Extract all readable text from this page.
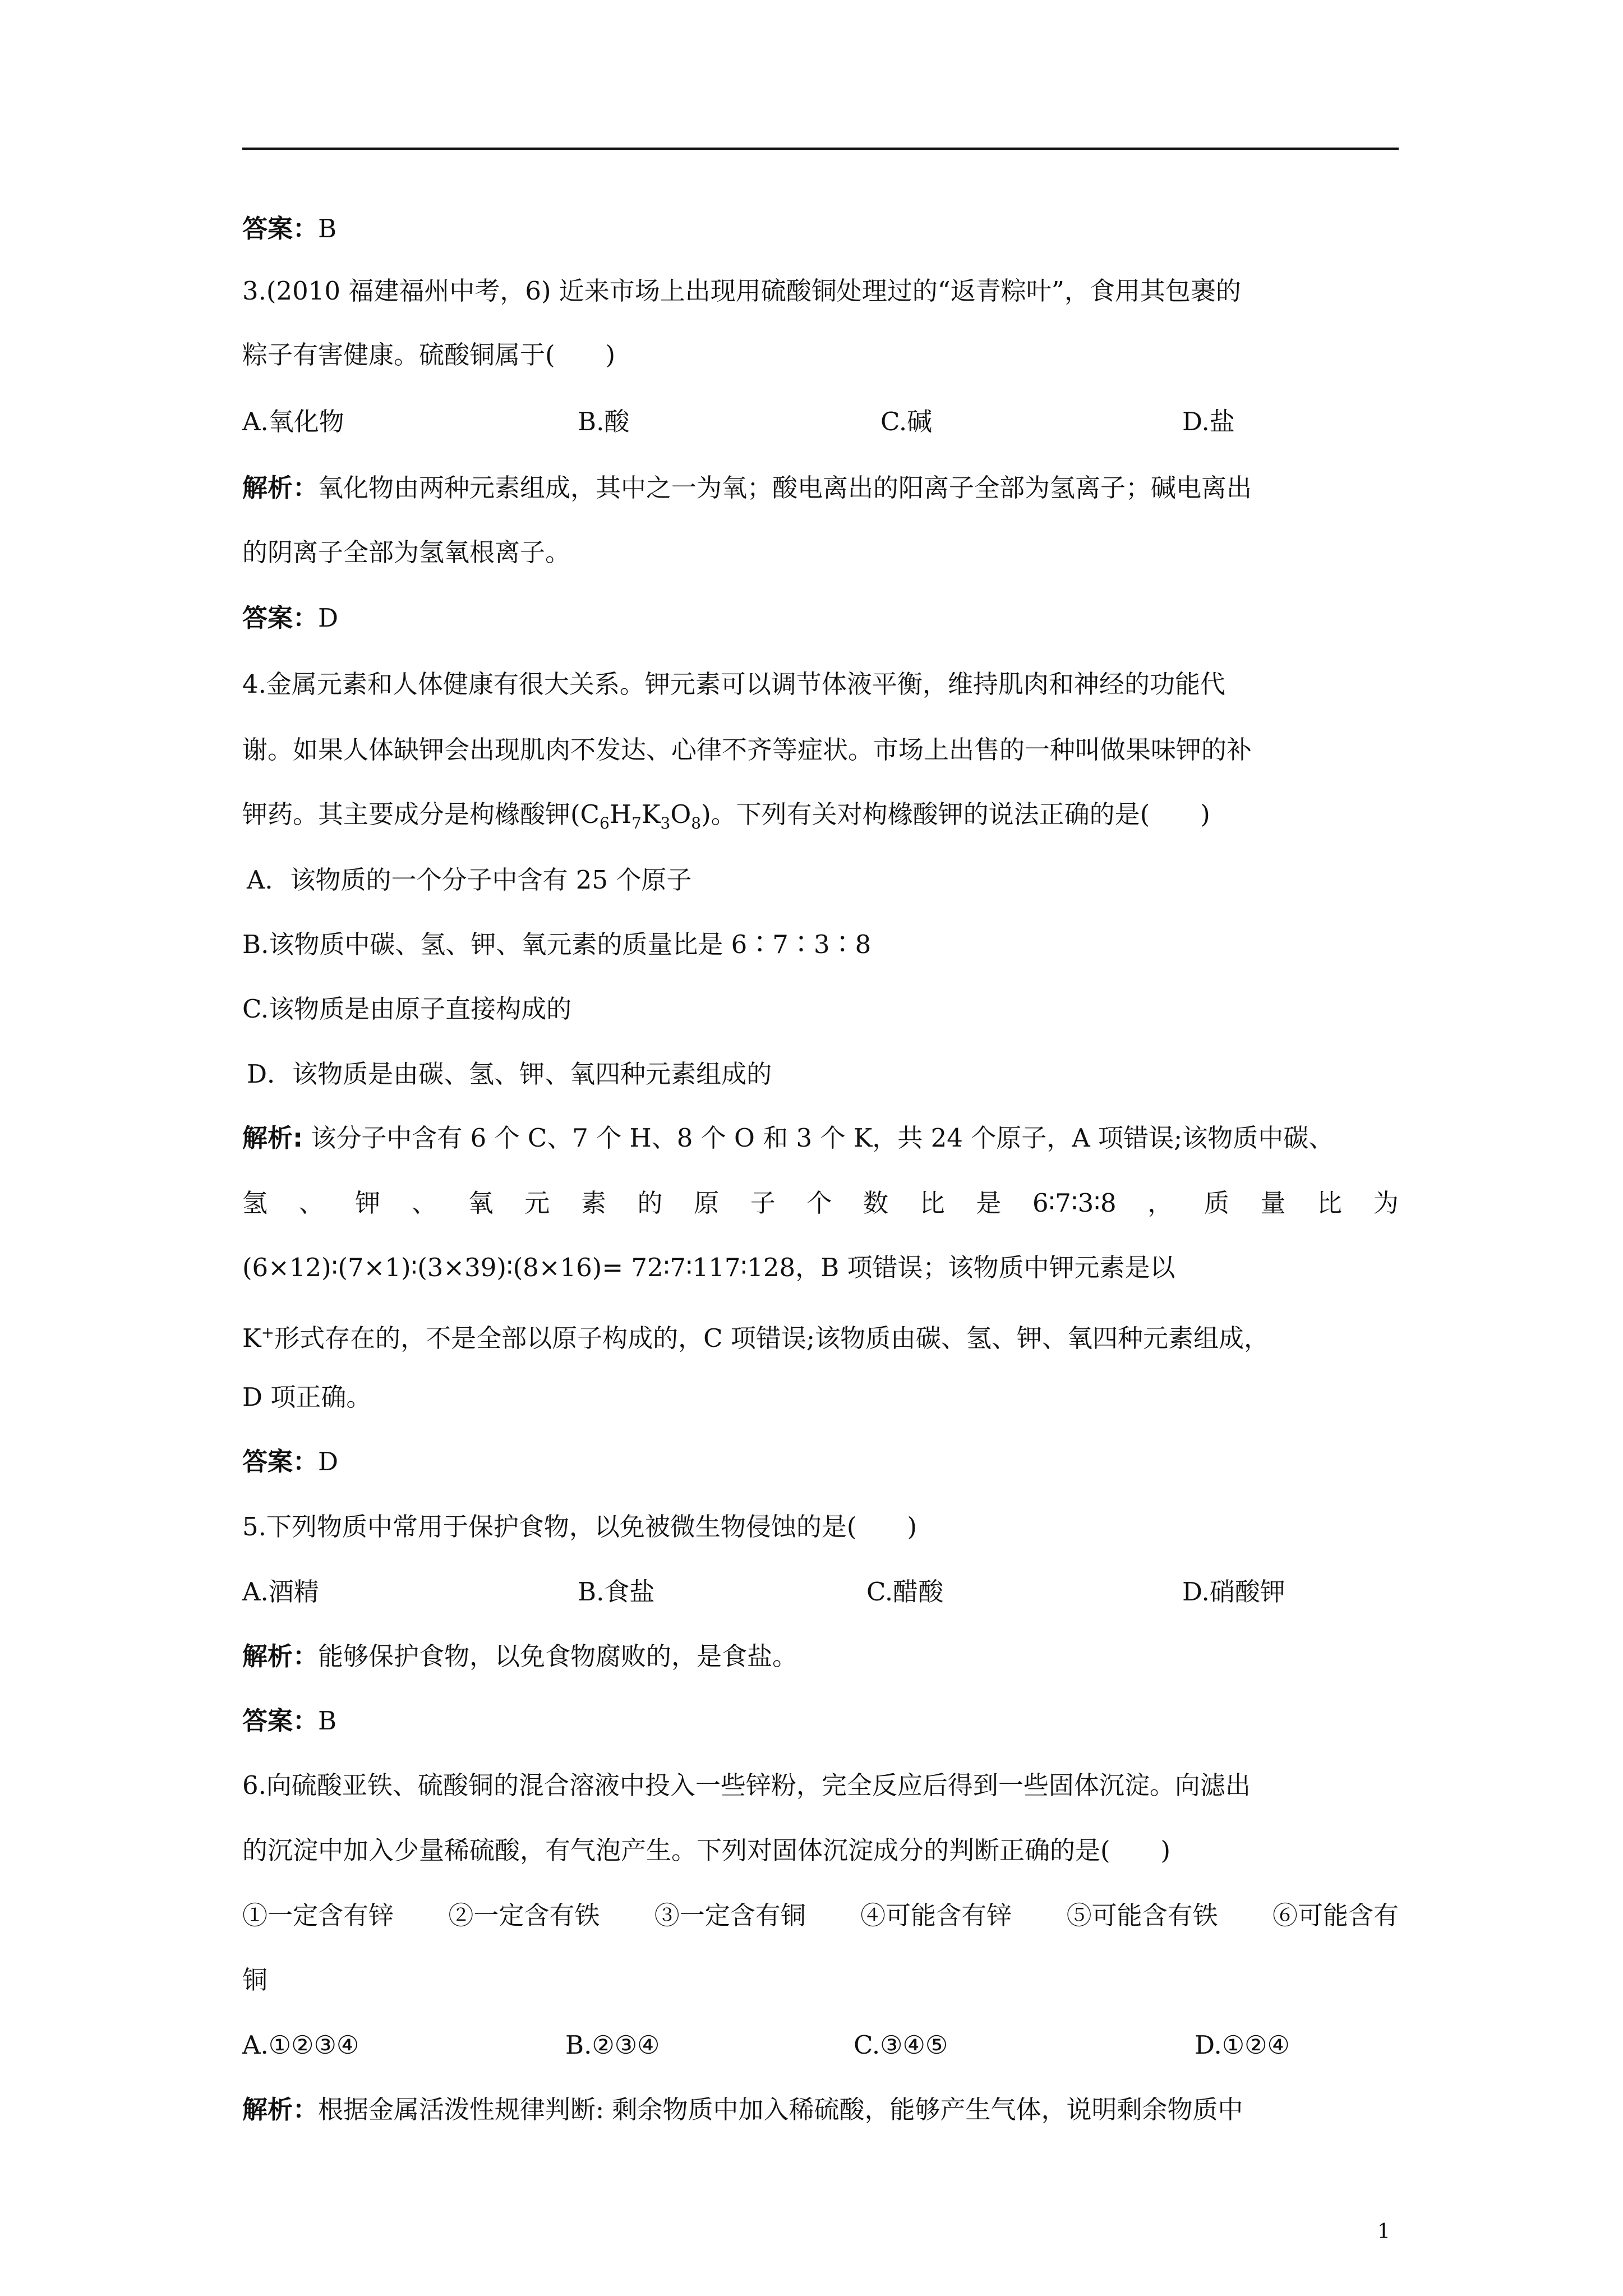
答案：B
3.(2010 福建福州中考，6) 近来市场上出现用硫酸铜处理过的“返青粽叶”，食用其包裹的
粽子有害健康。硫酸铜属于(　　)
A.氧化物	B.酸	C.碱	D.盐
解析：氧化物由两种元素组成，其中之一为氧；酸电离出的阳离子全部为氢离子；碱电离出
的阴离子全部为氢氧根离子。
答案：D
4.金属元素和人体健康有很大关系。钾元素可以调节体液平衡，维持肌肉和神经的功能代
谢。如果人体缺钾会出现肌肉不发达、心律不齐等症状。市场上出售的一种叫做果味钾的补
钾药。其主要成分是枸橼酸钾$(C_6H_7K_3O_8)$。下列有关对枸橼酸钾的说法正确的是(　　)
A．该物质的一个分子中含有 25 个原子
B.该物质中碳、氢、钾、氧元素的质量比是 6∶7∶3∶8
C.该物质是由原子直接构成的
D．该物质是由碳、氢、钾、氧四种元素组成的
解析: 该分子中含有 6 个 C、7 个 H、8 个 O 和 3 个 K，共 24 个原子，A 项错误;该物质中碳、
氢 、 钾 、 氧 元 素 的 原 子 个 数 比 是 6∶7∶3∶8 ， 质 量 比 为
(6×12)∶(7×1)∶(3×39)∶(8×16)= 72∶7∶117∶128，B 项错误；该物质中钾元素是以
K+形式存在的，不是全部以原子构成的，C 项错误;该物质由碳、氢、钾、氧四种元素组成，
D 项正确。
答案：D
5.下列物质中常用于保护食物，以免被微生物侵蚀的是(　　)
A.酒精	B.食盐	C.醋酸	D.硝酸钾
解析：能够保护食物，以免食物腐败的，是食盐。
答案：B
6.向硫酸亚铁、硫酸铜的混合溶液中投入一些锌粉，完全反应后得到一些固体沉淀。向滤出
的沉淀中加入少量稀硫酸，有气泡产生。下列对固体沉淀成分的判断正确的是(　　)
①一定含有锌 ②一定含有铁 ③一定含有铜 ④可能含有锌 ⑤可能含有铁 ⑥可能含有
铜
A.①②③④	B.②③④	C.③④⑤	D.①②④
解析：根据金属活泼性规律判断: 剩余物质中加入稀硫酸，能够产生气体，说明剩余物质中
1
